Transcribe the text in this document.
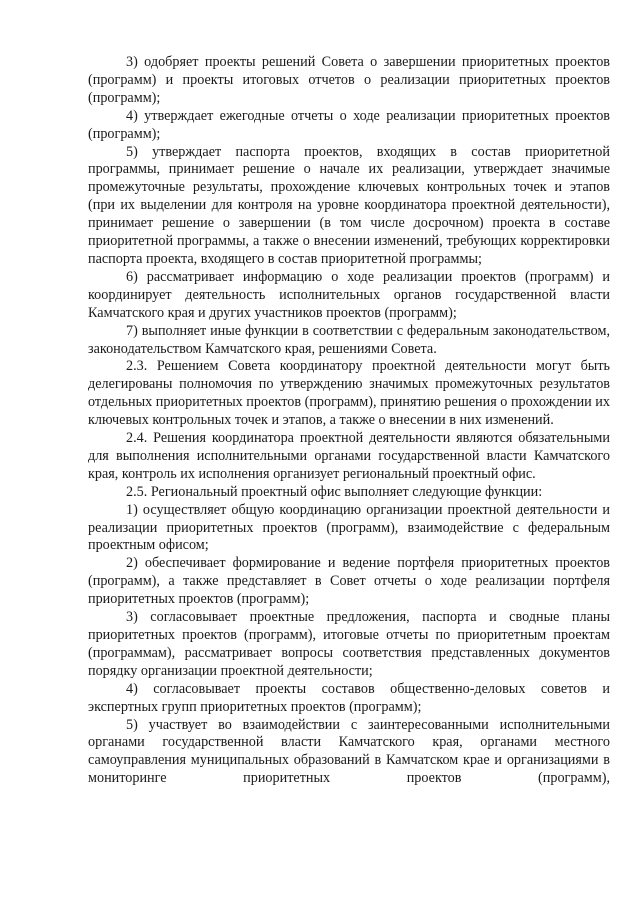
3) одобряет проекты решений Совета о завершении приоритетных проектов (программ) и проекты итоговых отчетов о реализации приоритетных проектов (программ);

4) утверждает ежегодные отчеты о ходе реализации приоритетных проектов (программ);

5) утверждает паспорта проектов, входящих в состав приоритетной программы, принимает решение о начале их реализации, утверждает значимые промежуточные результаты, прохождение ключевых контрольных точек и этапов (при их выделении для контроля на уровне координатора проектной деятельности), принимает решение о завершении (в том числе досрочном) проекта в составе приоритетной программы, а также о внесении изменений, требующих корректировки паспорта проекта, входящего в состав приоритетной программы;

6) рассматривает информацию о ходе реализации проектов (программ) и координирует деятельность исполнительных органов государственной власти Камчатского края и других участников проектов (программ);

7) выполняет иные функции в соответствии с федеральным законодательством, законодательством Камчатского края, решениями Совета.

2.3. Решением Совета координатору проектной деятельности могут быть делегированы полномочия по утверждению значимых промежуточных результатов отдельных приоритетных проектов (программ), принятию решения о прохождении их ключевых контрольных точек и этапов, а также о внесении в них изменений.

2.4. Решения координатора проектной деятельности являются обязательными для выполнения исполнительными органами государственной власти Камчатского края, контроль их исполнения организует региональный проектный офис.

2.5. Региональный проектный офис выполняет следующие функции:

1) осуществляет общую координацию организации проектной деятельности и реализации приоритетных проектов (программ), взаимодействие с федеральным проектным офисом;

2) обеспечивает формирование и ведение портфеля приоритетных проектов (программ), а также представляет в Совет отчеты о ходе реализации портфеля приоритетных проектов (программ);

3) согласовывает проектные предложения, паспорта и сводные планы приоритетных проектов (программ), итоговые отчеты по приоритетным проектам (программам), рассматривает вопросы соответствия представленных документов порядку организации проектной деятельности;

4) согласовывает проекты составов общественно-деловых советов и экспертных групп приоритетных проектов (программ);

5) участвует во взаимодействии с заинтересованными исполнительными органами государственной власти Камчатского края, органами местного самоуправления муниципальных образований в Камчатском крае и организациями в мониторинге приоритетных проектов (программ),
